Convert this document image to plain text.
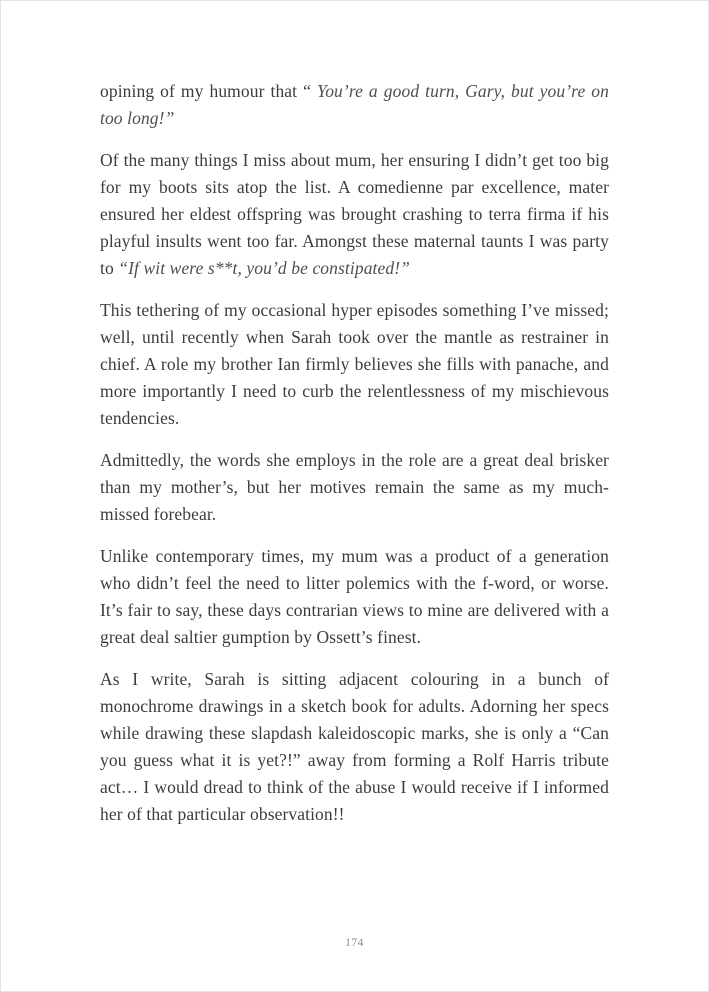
opining of my humour that “ You’re a good turn, Gary, but you’re on too long!”

Of the many things I miss about mum, her ensuring I didn’t get too big for my boots sits atop the list. A comedienne par excellence, mater ensured her eldest offspring was brought crashing to terra firma if his playful insults went too far. Amongst these maternal taunts I was party to “If wit were s**t, you’d be constipated!”

This tethering of my occasional hyper episodes something I’ve missed; well, until recently when Sarah took over the mantle as restrainer in chief. A role my brother Ian firmly believes she fills with panache, and more importantly I need to curb the relentlessness of my mischievous tendencies.

Admittedly, the words she employs in the role are a great deal brisker than my mother’s, but her motives remain the same as my much-missed forebear.

Unlike contemporary times, my mum was a product of a generation who didn’t feel the need to litter polemics with the f-word, or worse. It’s fair to say, these days contrarian views to mine are delivered with a great deal saltier gumption by Ossett’s finest.

As I write, Sarah is sitting adjacent colouring in a bunch of monochrome drawings in a sketch book for adults. Adorning her specs while drawing these slapdash kaleidoscopic marks, she is only a “Can you guess what it is yet?!” away from forming a Rolf Harris tribute act… I would dread to think of the abuse I would receive if I informed her of that particular observation!!

174
